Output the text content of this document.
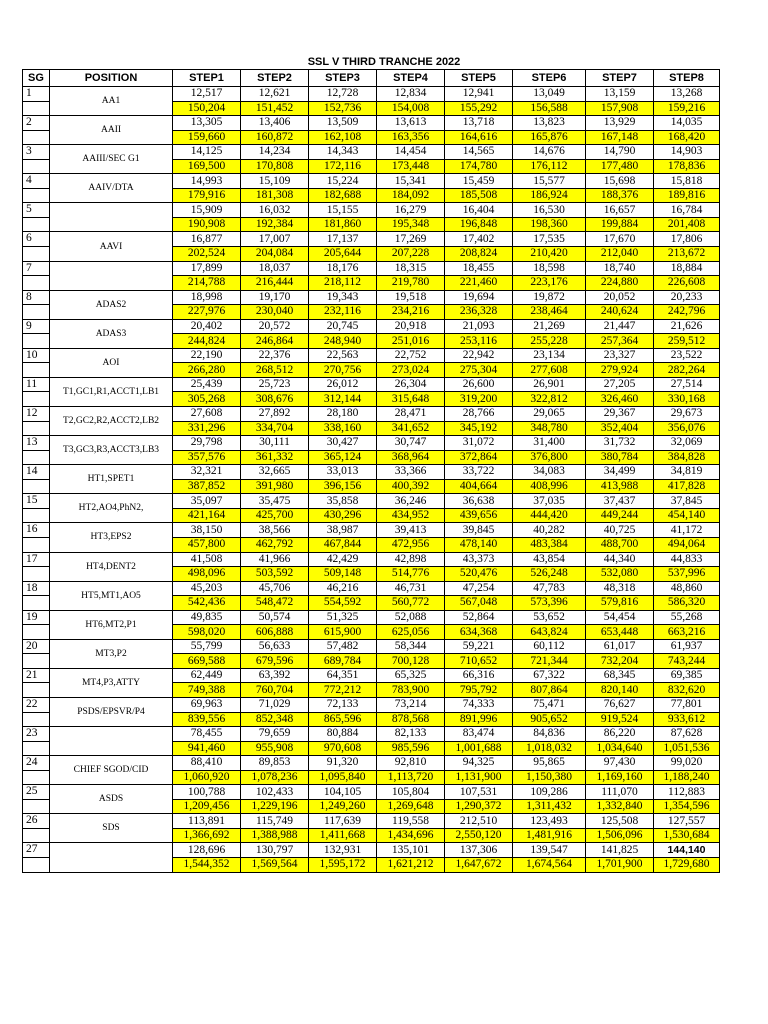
SSL V THIRD TRANCHE 2022
SG	POSITION	STEP1	STEP2	STEP3	STEP4	STEP5	STEP6	STEP7	STEP8
1	AA1	12,517	12,621	12,728	12,834	12,941	13,049	13,159	13,268
		150,204	151,452	152,736	154,008	155,292	156,588	157,908	159,216
2	AAII	13,305	13,406	13,509	13,613	13,718	13,823	13,929	14,035
		159,660	160,872	162,108	163,356	164,616	165,876	167,148	168,420
3	AAIII/SEC G1	14,125	14,234	14,343	14,454	14,565	14,676	14,790	14,903
		169,500	170,808	172,116	173,448	174,780	176,112	177,480	178,836
4	AAIV/DTA	14,993	15,109	15,224	15,341	15,459	15,577	15,698	15,818
		179,916	181,308	182,688	184,092	185,508	186,924	188,376	189,816
5		15,909	16,032	15,155	16,279	16,404	16,530	16,657	16,784
		190,908	192,384	181,860	195,348	196,848	198,360	199,884	201,408
6	AAVI	16,877	17,007	17,137	17,269	17,402	17,535	17,670	17,806
		202,524	204,084	205,644	207,228	208,824	210,420	212,040	213,672
7		17,899	18,037	18,176	18,315	18,455	18,598	18,740	18,884
		214,788	216,444	218,112	219,780	221,460	223,176	224,880	226,608
8	ADAS2	18,998	19,170	19,343	19,518	19,694	19,872	20,052	20,233
		227,976	230,040	232,116	234,216	236,328	238,464	240,624	242,796
9	ADAS3	20,402	20,572	20,745	20,918	21,093	21,269	21,447	21,626
		244,824	246,864	248,940	251,016	253,116	255,228	257,364	259,512
10	AOI	22,190	22,376	22,563	22,752	22,942	23,134	23,327	23,522
		266,280	268,512	270,756	273,024	275,304	277,608	279,924	282,264
11	T1,GC1,R1,ACCT1,LB1	25,439	25,723	26,012	26,304	26,600	26,901	27,205	27,514
		305,268	308,676	312,144	315,648	319,200	322,812	326,460	330,168
12	T2,GC2,R2,ACCT2,LB2	27,608	27,892	28,180	28,471	28,766	29,065	29,367	29,673
		331,296	334,704	338,160	341,652	345,192	348,780	352,404	356,076
13	T3,GC3,R3,ACCT3,LB3	29,798	30,111	30,427	30,747	31,072	31,400	31,732	32,069
		357,576	361,332	365,124	368,964	372,864	376,800	380,784	384,828
14	HT1,SPET1	32,321	32,665	33,013	33,366	33,722	34,083	34,499	34,819
		387,852	391,980	396,156	400,392	404,664	408,996	413,988	417,828
15	HT2,AO4,PhN2,	35,097	35,475	35,858	36,246	36,638	37,035	37,437	37,845
		421,164	425,700	430,296	434,952	439,656	444,420	449,244	454,140
16	HT3,EPS2	38,150	38,566	38,987	39,413	39,845	40,282	40,725	41,172
		457,800	462,792	467,844	472,956	478,140	483,384	488,700	494,064
17	HT4,DENT2	41,508	41,966	42,429	42,898	43,373	43,854	44,340	44,833
		498,096	503,592	509,148	514,776	520,476	526,248	532,080	537,996
18	HT5,MT1,AO5	45,203	45,706	46,216	46,731	47,254	47,783	48,318	48,860
		542,436	548,472	554,592	560,772	567,048	573,396	579,816	586,320
19	HT6,MT2,P1	49,835	50,574	51,325	52,088	52,864	53,652	54,454	55,268
		598,020	606,888	615,900	625,056	634,368	643,824	653,448	663,216
20	MT3,P2	55,799	56,633	57,482	58,344	59,221	60,112	61,017	61,937
		669,588	679,596	689,784	700,128	710,652	721,344	732,204	743,244
21	MT4,P3,ATTY	62,449	63,392	64,351	65,325	66,316	67,322	68,345	69,385
		749,388	760,704	772,212	783,900	795,792	807,864	820,140	832,620
22	PSDS/EPSVR/P4	69,963	71,029	72,133	73,214	74,333	75,471	76,627	77,801
		839,556	852,348	865,596	878,568	891,996	905,652	919,524	933,612
23		78,455	79,659	80,884	82,133	83,474	84,836	86,220	87,628
		941,460	955,908	970,608	985,596	1,001,688	1,018,032	1,034,640	1,051,536
24	CHIEF SGOD/CID	88,410	89,853	91,320	92,810	94,325	95,865	97,430	99,020
		1,060,920	1,078,236	1,095,840	1,113,720	1,131,900	1,150,380	1,169,160	1,188,240
25	ASDS	100,788	102,433	104,105	105,804	107,531	109,286	111,070	112,883
		1,209,456	1,229,196	1,249,260	1,269,648	1,290,372	1,311,432	1,332,840	1,354,596
26	SDS	113,891	115,749	117,639	119,558	212,510	123,493	125,508	127,557
		1,366,692	1,388,988	1,411,668	1,434,696	2,550,120	1,481,916	1,506,096	1,530,684
27		128,696	130,797	132,931	135,101	137,306	139,547	141,825	144,140
		1,544,352	1,569,564	1,595,172	1,621,212	1,647,672	1,674,564	1,701,900	1,729,680
